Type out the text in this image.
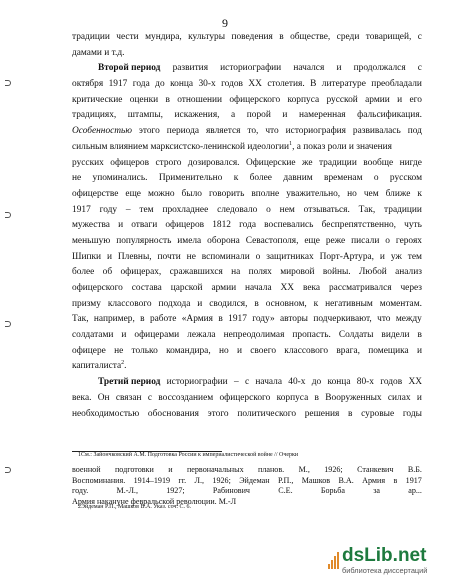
9
традиции чести мундира, культуры поведения в обществе, среди товарищей, с
дамами и т.д.
Второй период развития историографии начался и продолжался с
октября 1917 года до конца 30-х годов XX столетия. В литературе преобладали
критические оценки в отношении офицерского корпуса русской армии и его
традициях, штампы, искажения, а порой и намеренная фальсификация.
Особенностью этого периода является то, что историография развивалась под
сильным влиянием марксистско-ленинской идеологии$^1$, а показ роли и значения
русских офицеров строго дозировался. Офицерские же традиции вообще нигде
не упоминались. Применительно к более давним временам о русском
офицерстве еще можно было говорить вполне уважительно, но чем ближе к
1917 году – тем прохладнее следовало о нем отзываться. Так, традиции
мужества и отваги офицеров 1812 года воспевались беспрепятственно, чуть
меньшую популярность имела оборона Севастополя, еще реже писали о героях
Шипки и Плевны, почти не вспоминали о защитниках Порт-Артура, и уж тем
более об офицерах, сражавшихся на полях мировой войны. Любой анализ
офицерского состава царской армии начала XX века рассматривался через
призму классового подхода и сводился, в основном, к негативным моментам.
Так, например, в работе «Армия в 1917 году» авторы подчеркивают, что между
солдатами и офицерами лежала непреодолимая пропасть. Солдаты видели в
офицере не только командира, но и своего классового врага, помещика и
капиталиста$^2$.
Третий период историографии – с начала 40-х до конца 80-х годов XX
века. Он связан с воссозданием офицерского корпуса в Вооруженных силах и
необходимостью обоснования этого политического решения в суровые годы
1См.: Зайончковский А.М. Подготовка России к империалистической войне // Очерки
военной подготовки и первоначальных планов. М., 1926; Станкевич В.Б.
Воспоминания. 1914–1919 гг. Л., 1926; Эйдеман Р.П., Машков В.А. Армия в 1917
году.	М.-Л.,	1927;	Рабинович	С.Е.	Борьба	за	ар...
Армия накануне февральской революции. М.-Л
2Эйдеман Р.П., Машков В.А. Указ. соч. С. 6.
dsLib.net
библиотека диссертаций
